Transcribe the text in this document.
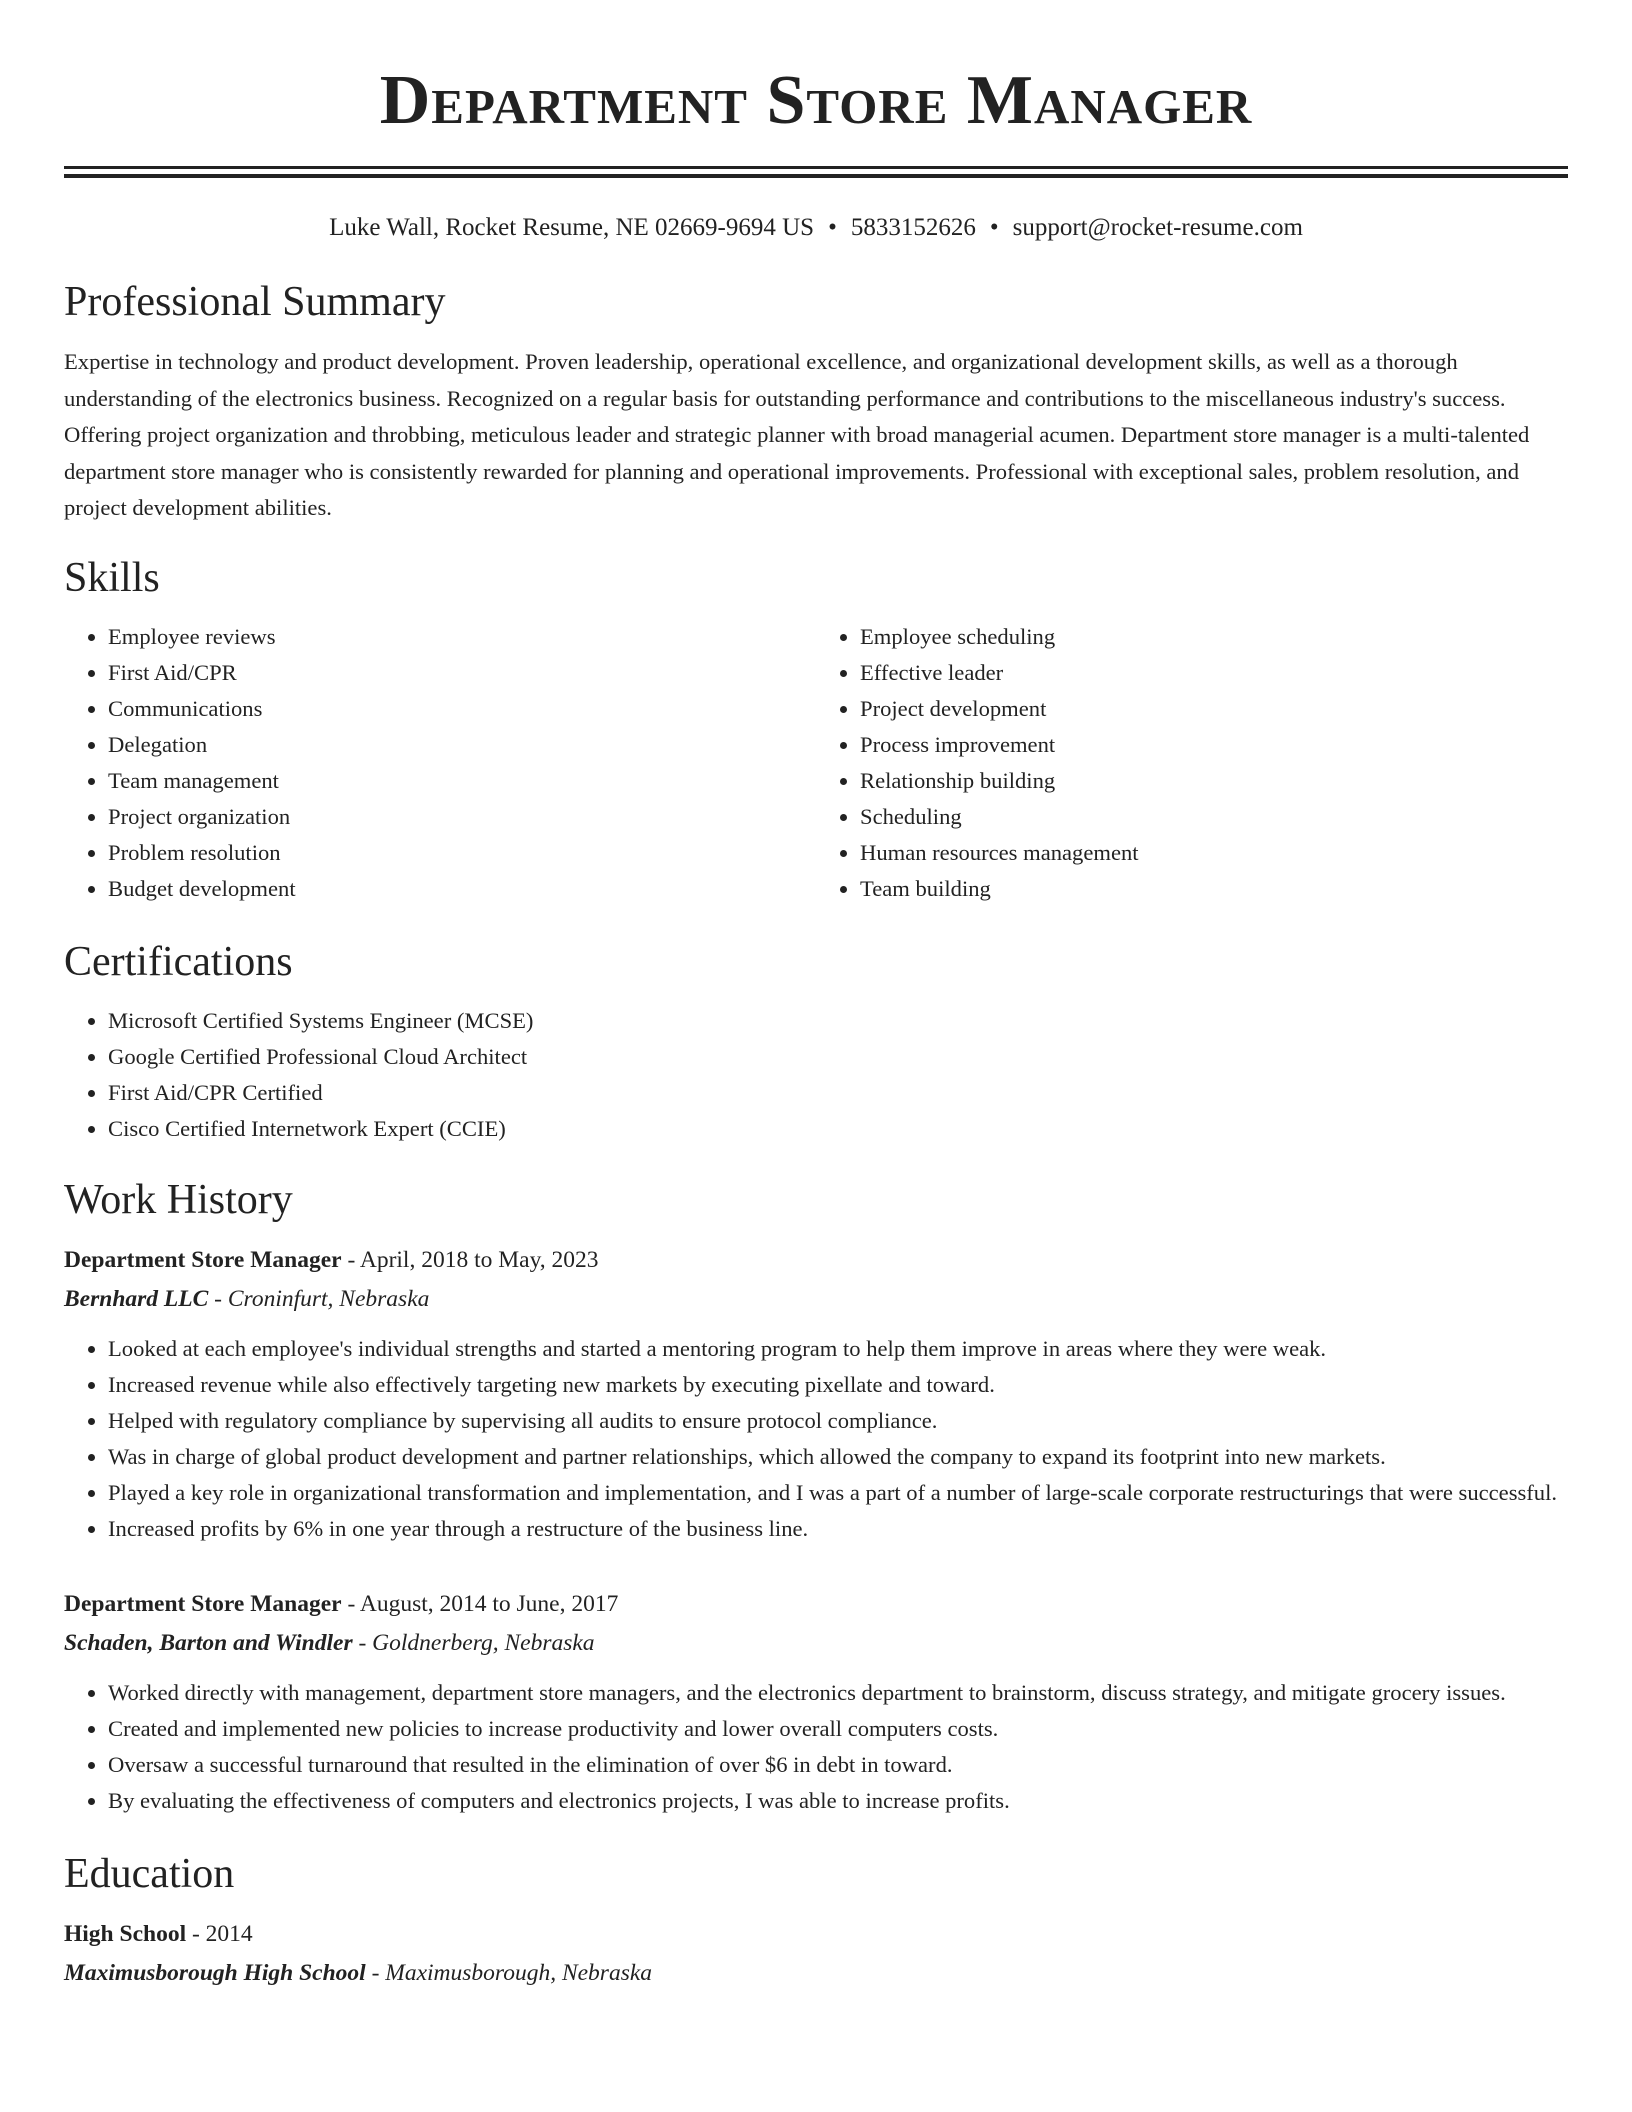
Department Store Manager
Luke Wall, Rocket Resume, NE 02669-9694 US • 5833152626 • support@rocket-resume.com
Professional Summary

Expertise in technology and product development. Proven leadership, operational excellence, and organizational development skills, as well as a thorough understanding of the electronics business. Recognized on a regular basis for outstanding performance and contributions to the miscellaneous industry's success. Offering project organization and throbbing, meticulous leader and strategic planner with broad managerial acumen. Department store manager is a multi-talented department store manager who is consistently rewarded for planning and operational improvements. Professional with exceptional sales, problem resolution, and project development abilities.

Skills
• Employee reviews
• First Aid/CPR
• Communications
• Delegation
• Team management
• Project organization
• Problem resolution
• Budget development
• Employee scheduling
• Effective leader
• Project development
• Process improvement
• Relationship building
• Scheduling
• Human resources management
• Team building
Certifications
• Microsoft Certified Systems Engineer (MCSE)
• Google Certified Professional Cloud Architect
• First Aid/CPR Certified
• Cisco Certified Internetwork Expert (CCIE)
Work History
Department Store Manager - April, 2018 to May, 2023
Bernhard LLC - Croninfurt, Nebraska
• Looked at each employee's individual strengths and started a mentoring program to help them improve in areas where they were weak.
• Increased revenue while also effectively targeting new markets by executing pixellate and toward.
• Helped with regulatory compliance by supervising all audits to ensure protocol compliance.
• Was in charge of global product development and partner relationships, which allowed the company to expand its footprint into new markets.
• Played a key role in organizational transformation and implementation, and I was a part of a number of large-scale corporate restructurings that were successful.
• Increased profits by 6% in one year through a restructure of the business line.
Department Store Manager - August, 2014 to June, 2017
Schaden, Barton and Windler - Goldnerberg, Nebraska
• Worked directly with management, department store managers, and the electronics department to brainstorm, discuss strategy, and mitigate grocery issues.
• Created and implemented new policies to increase productivity and lower overall computers costs.
• Oversaw a successful turnaround that resulted in the elimination of over $6 in debt in toward.
• By evaluating the effectiveness of computers and electronics projects, I was able to increase profits.
Education
High School - 2014
Maximusborough High School - Maximusborough, Nebraska
